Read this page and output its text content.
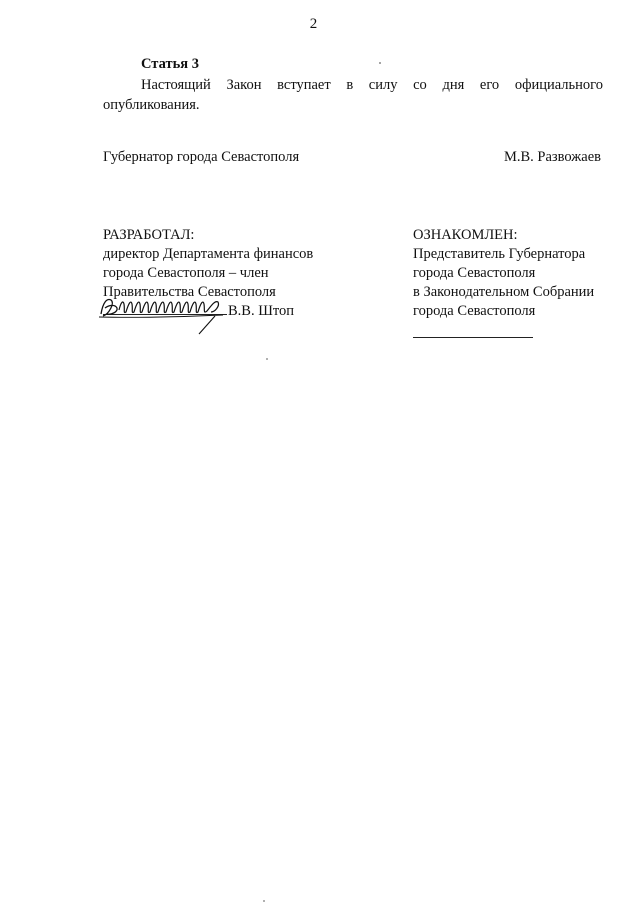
2
Статья 3

Настоящий Закон вступает в силу со дня его официального опубликования.

Губернатор города Севастополя	М.В. Развожаев
РАЗРАБОТАЛ:
директор Департамента финансов
города Севастополя – член
Правительства Севастополя
В.В. Штоп
ОЗНАКОМЛЕН:
Представитель Губернатора
города Севастополя
в Законодательном Собрании
города Севастополя
